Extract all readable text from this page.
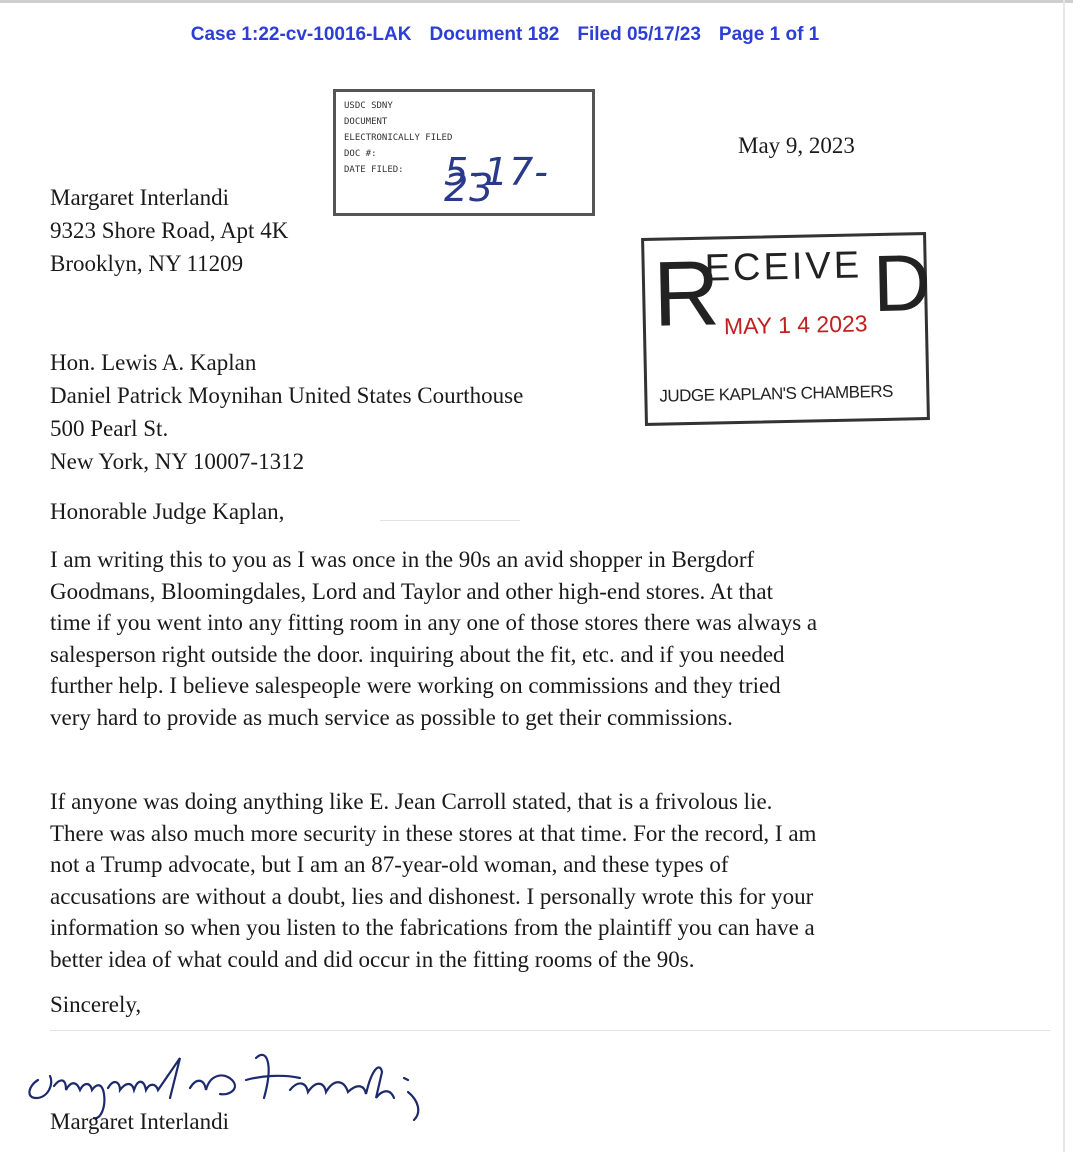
Case 1:22-cv-10016-LAK Document 182 Filed 05/17/23 Page 1 of 1
USDC SDNY
DOCUMENT
ELECTRONICALLY FILED
DOC #:
DATE FILED:	5-17-23
May 9, 2023
Margaret Interlandi
9323 Shore Road, Apt 4K
Brooklyn, NY 11209	R
ECEIVE D
MAY 1 4 2023
JUDGE KAPLAN'S CHAMBERS
Hon. Lewis A. Kaplan
Daniel Patrick Moynihan United States Courthouse
500 Pearl St.
New York, NY 10007-1312
Honorable Judge Kaplan,
I am writing this to you as I was once in the 90s an avid shopper in Bergdorf
Goodmans, Bloomingdales, Lord and Taylor and other high-end stores. At that
time if you went into any fitting room in any one of those stores there was always a
salesperson right outside the door. inquiring about the fit, etc. and if you needed
further help. I believe salespeople were working on commissions and they tried
very hard to provide as much service as possible to get their commissions.
If anyone was doing anything like E. Jean Carroll stated, that is a frivolous lie.
There was also much more security in these stores at that time. For the record, I am
not a Trump advocate, but I am an 87-year-old woman, and these types of
accusations are without a doubt, lies and dishonest. I personally wrote this for your
information so when you listen to the fabrications from the plaintiff you can have a
better idea of what could and did occur in the fitting rooms of the 90s.
Sincerely,
Margaret Interlandi
